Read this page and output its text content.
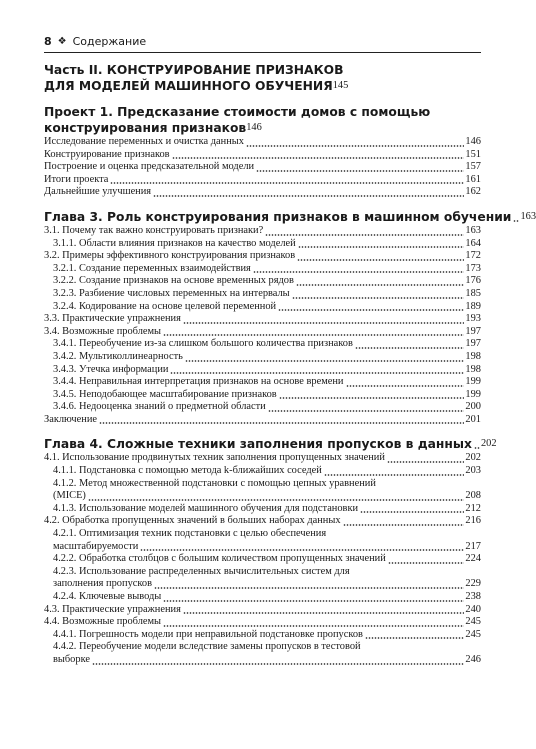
8 ❖ Содержание
Часть II. КОНСТРУИРОВАНИЕ ПРИЗНАКОВ
ДЛЯ МОДЕЛЕЙ МАШИННОГО ОБУЧЕНИЯ 145
Проект 1. Предсказание стоимости домов с помощью
конструирования признаков 146
Исследование переменных и очистка данных	146
Конструирование признаков	151
Построение и оценка предсказательной модели	157
Итоги проекта	161
Дальнейшие улучшения	162
Глава 3. Роль конструирования признаков в машинном обучении 163
3.1. Почему так важно конструировать признаки?	163
3.1.1. Области влияния признаков на качество моделей	164
3.2. Примеры эффективного конструирования признаков	172
3.2.1. Создание переменных взаимодействия	173
3.2.2. Создание признаков на основе временных рядов	176
3.2.3. Разбиение числовых переменных на интервалы	185
3.2.4. Кодирование на основе целевой переменной	189
3.3. Практические упражнения	193
3.4. Возможные проблемы	197
3.4.1. Переобучение из-за слишком большого количества признаков	197
3.4.2. Мультиколлинеарность	198
3.4.3. Утечка информации	198
3.4.4. Неправильная интерпретация признаков на основе времени	199
3.4.5. Неподобающее масштабирование признаков	199
3.4.6. Недооценка знаний о предметной области	200
Заключение	201
Глава 4. Сложные техники заполнения пропусков в данных 202
4.1. Использование продвинутых техник заполнения пропущенных значений	202
4.1.1. Подстановка с помощью метода k-ближайших соседей	203
4.1.2. Метод множественной подстановки с помощью цепных уравнений
(MICE)	208
4.1.3. Использование моделей машинного обучения для подстановки	212
4.2. Обработка пропущенных значений в больших наборах данных	216
4.2.1. Оптимизация техник подстановки с целью обеспечения
масштабируемости	217
4.2.2. Обработка столбцов с большим количеством пропущенных значений	224
4.2.3. Использование распределенных вычислительных систем для
заполнения пропусков	229
4.2.4. Ключевые выводы	238
4.3. Практические упражнения	240
4.4. Возможные проблемы	245
4.4.1. Погрешность модели при неправильной подстановке пропусков	245
4.4.2. Переобучение модели вследствие замены пропусков в тестовой
выборке	246
